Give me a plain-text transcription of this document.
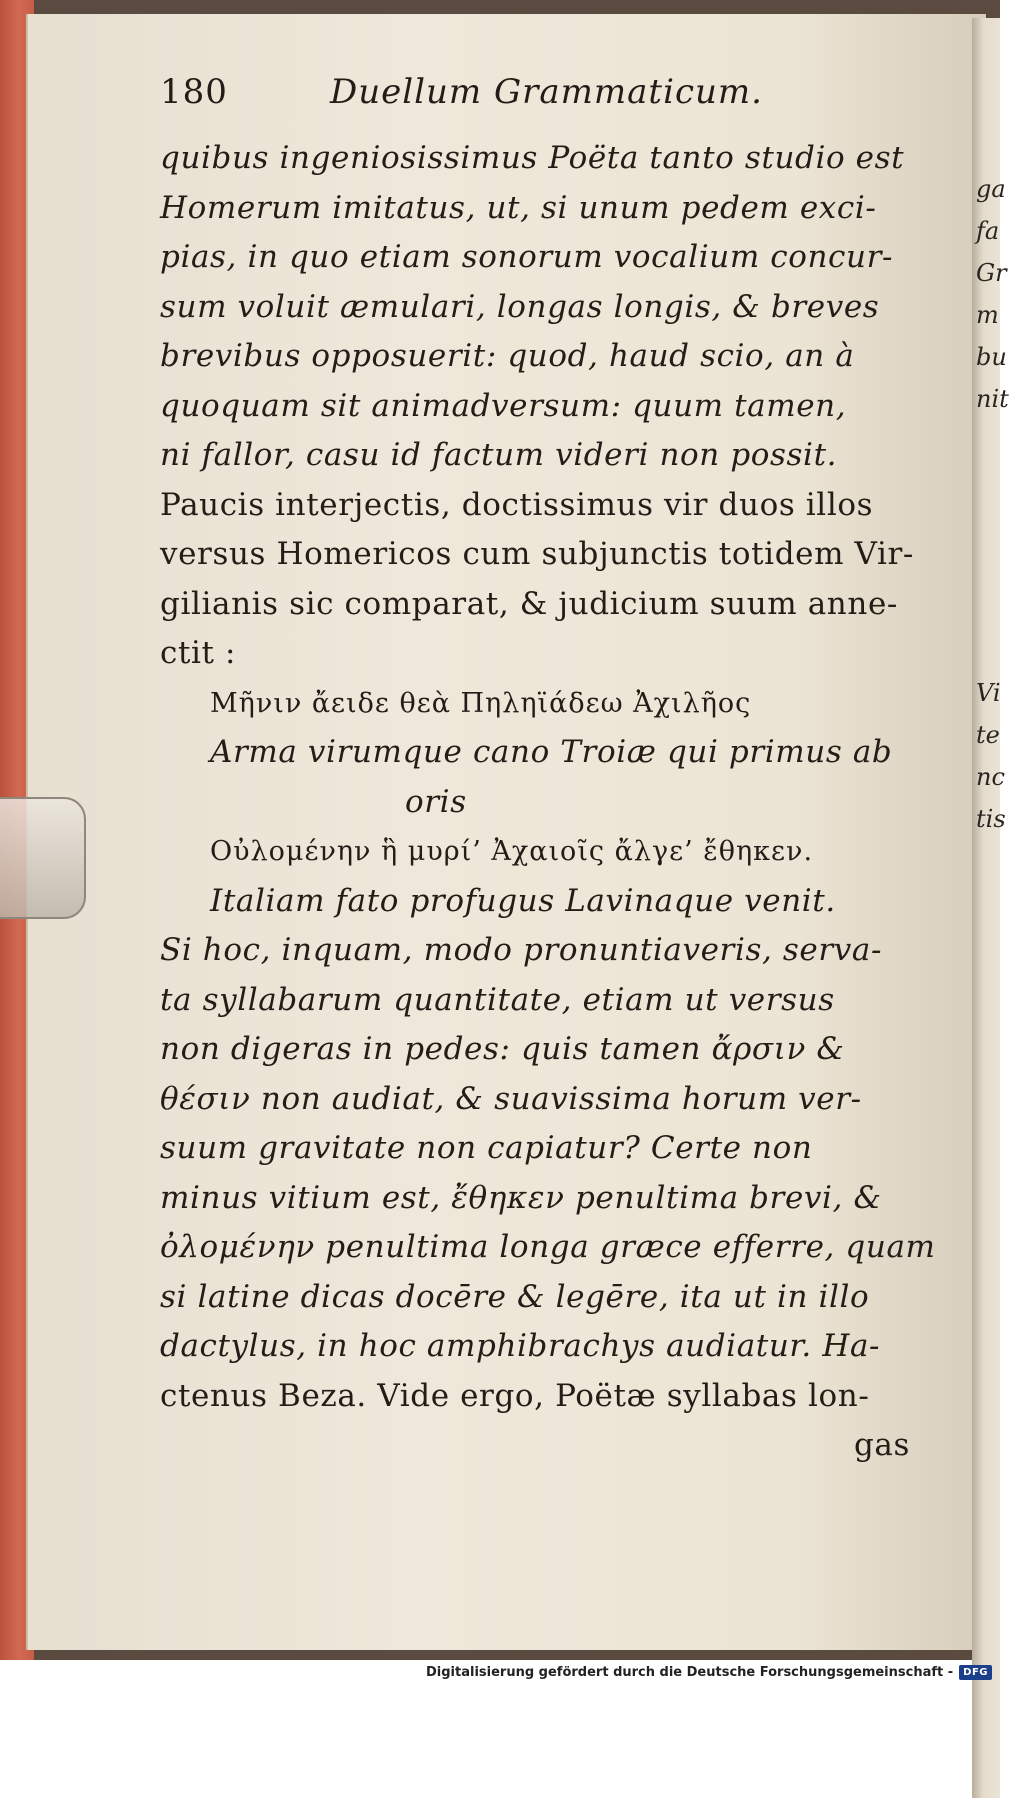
ga
fa
Gr
m
bu
nit

Vi
te
nc
tis
180	Duellum Grammaticum.
quibus ingeniosissimus Poëta tanto studio est
Homerum imitatus, ut, si unum pedem exci-
pias, in quo etiam sonorum vocalium concur-
sum voluit æmulari, longas longis, & breves
brevibus opposuerit: quod, haud scio, an à
quoquam sit animadversum: quum tamen,
ni fallor, casu id factum videri non possit.
Paucis interjectis, doctissimus vir duos illos
versus Homericos cum subjunctis totidem Vir-
gilianis sic comparat, & judicium suum anne-
ctit :
Μῆνιν ἄειδε θεὰ Πηληϊάδεω Ἀχιλῆος
Arma virumque cano Troiæ qui primus ab
oris
Οὐλομένην ἣ μυρί’ Ἀχαιοῖς ἄλγε’ ἔθηκεν.
Italiam fato profugus Lavinaque venit.
Si hoc, inquam, modo pronuntiaveris, serva-
ta syllabarum quantitate, etiam ut versus
non digeras in pedes: quis tamen ἄρσιν &
θέσιν non audiat, & suavissima horum ver-
suum gravitate non capiatur? Certe non
minus vitium est, ἔθηκεν penultima brevi, &
ὀλομένην penultima longa græce efferre, quam
si latine dicas docēre & legēre, ita ut in illo
dactylus, in hoc amphibrachys audiatur. Ha-
ctenus Beza. Vide ergo, Poëtæ syllabas lon-
gas
Digitalisierung gefördert durch die Deutsche Forschungsgemeinschaft -	DFG
